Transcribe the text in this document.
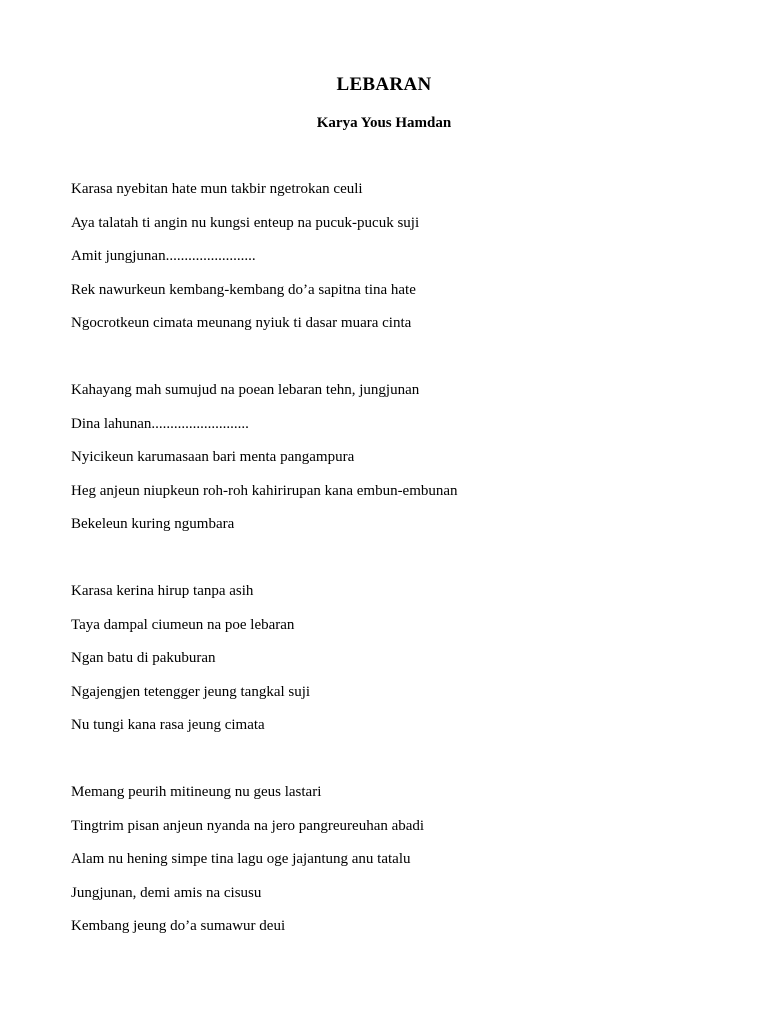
LEBARAN
Karya Yous Hamdan
Karasa nyebitan hate mun takbir ngetrokan ceuli
Aya talatah ti angin nu kungsi enteup na pucuk-pucuk suji
Amit jungjunan........................
Rek nawurkeun kembang-kembang do’a sapitna tina hate
Ngocrotkeun cimata meunang nyiuk ti dasar muara cinta
Kahayang mah sumujud na poean lebaran tehn, jungjunan
Dina lahunan..........................
Nyicikeun karumasaan bari menta pangampura
Heg anjeun niupkeun roh-roh kahirirupan kana embun-embunan
Bekeleun kuring ngumbara
Karasa kerina hirup tanpa asih
Taya dampal ciumeun na poe lebaran
Ngan batu di pakuburan
Ngajengjen tetengger jeung tangkal suji
Nu tungi kana rasa jeung cimata
Memang peurih mitineung nu geus lastari
Tingtrim pisan anjeun nyanda na jero pangreureuhan abadi
Alam nu hening simpe tina lagu oge jajantung anu tatalu
Jungjunan, demi amis na cisusu
Kembang jeung do’a sumawur deui
